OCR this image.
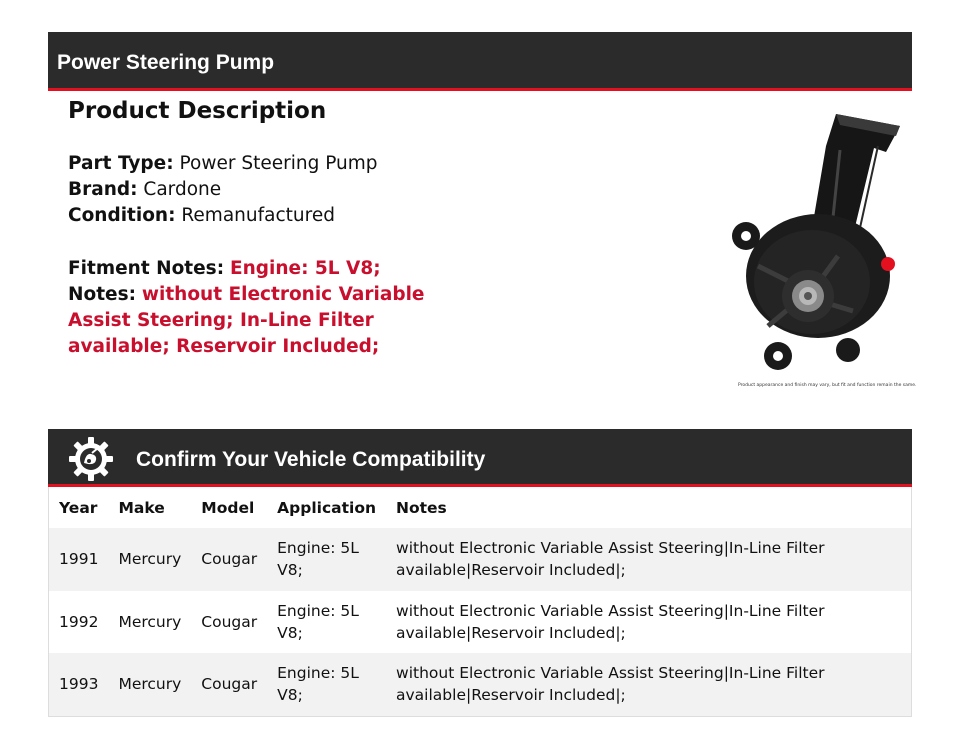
Power Steering Pump
Product Description
Part Type: Power Steering Pump
Brand: Cardone
Condition: Remanufactured
Fitment Notes: Engine: 5L V8;
Notes: without Electronic Variable Assist Steering; In-Line Filter available; Reservoir Included;
Product appearance and finish may vary, but fit and function remain the same.
Confirm Your Vehicle Compatibility
Year	Make	Model	Application	Notes
1991	Mercury	Cougar	Engine: 5L V8;	without Electronic Variable Assist Steering|In-Line Filter available|Reservoir Included|;
1992	Mercury	Cougar	Engine: 5L V8;	without Electronic Variable Assist Steering|In-Line Filter available|Reservoir Included|;
1993	Mercury	Cougar	Engine: 5L V8;	without Electronic Variable Assist Steering|In-Line Filter available|Reservoir Included|;
